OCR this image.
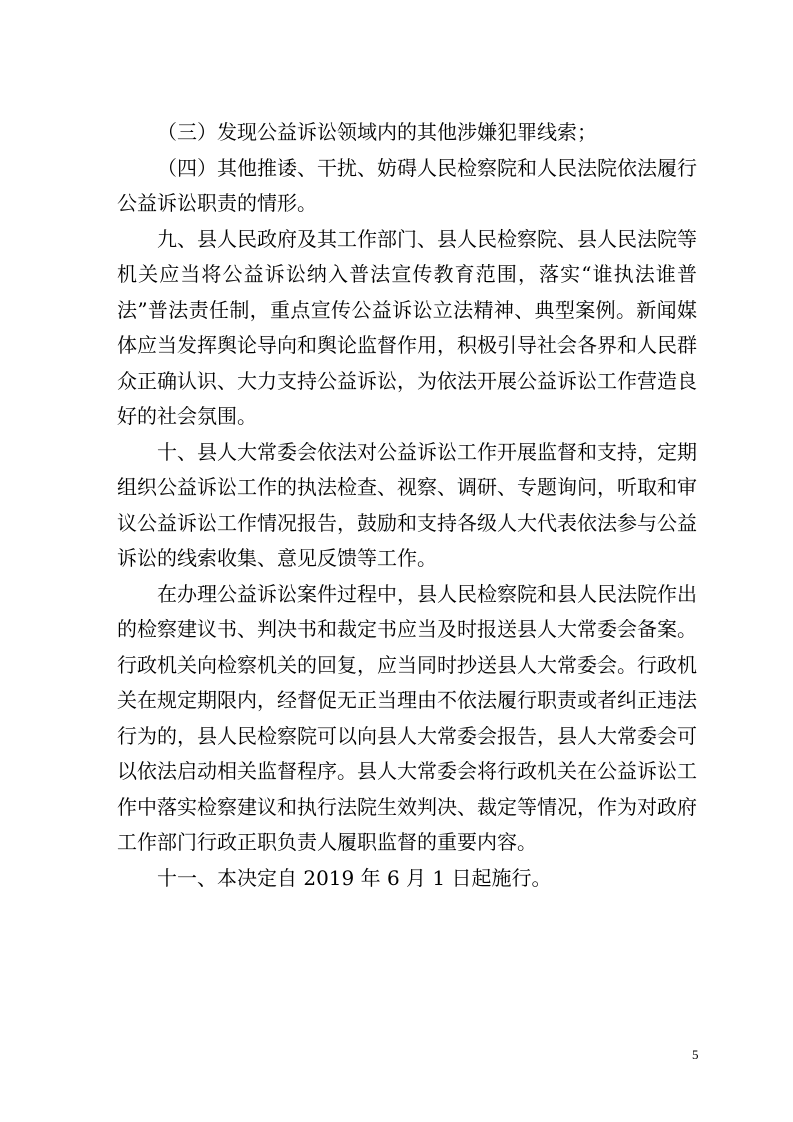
（三）发现公益诉讼领域内的其他涉嫌犯罪线索；

（四）其他推诿、干扰、妨碍人民检察院和人民法院依法履行公益诉讼职责的情形。

九、县人民政府及其工作部门、县人民检察院、县人民法院等机关应当将公益诉讼纳入普法宣传教育范围，落实“谁执法谁普法”普法责任制，重点宣传公益诉讼立法精神、典型案例。新闻媒体应当发挥舆论导向和舆论监督作用，积极引导社会各界和人民群众正确认识、大力支持公益诉讼，为依法开展公益诉讼工作营造良好的社会氛围。

十、县人大常委会依法对公益诉讼工作开展监督和支持，定期组织公益诉讼工作的执法检查、视察、调研、专题询问，听取和审议公益诉讼工作情况报告，鼓励和支持各级人大代表依法参与公益诉讼的线索收集、意见反馈等工作。

在办理公益诉讼案件过程中，县人民检察院和县人民法院作出的检察建议书、判决书和裁定书应当及时报送县人大常委会备案。行政机关向检察机关的回复，应当同时抄送县人大常委会。行政机关在规定期限内，经督促无正当理由不依法履行职责或者纠正违法行为的，县人民检察院可以向县人大常委会报告，县人大常委会可以依法启动相关监督程序。县人大常委会将行政机关在公益诉讼工作中落实检察建议和执行法院生效判决、裁定等情况，作为对政府工作部门行政正职负责人履职监督的重要内容。

十一、本决定自 2019 年 6 月 1 日起施行。

5
